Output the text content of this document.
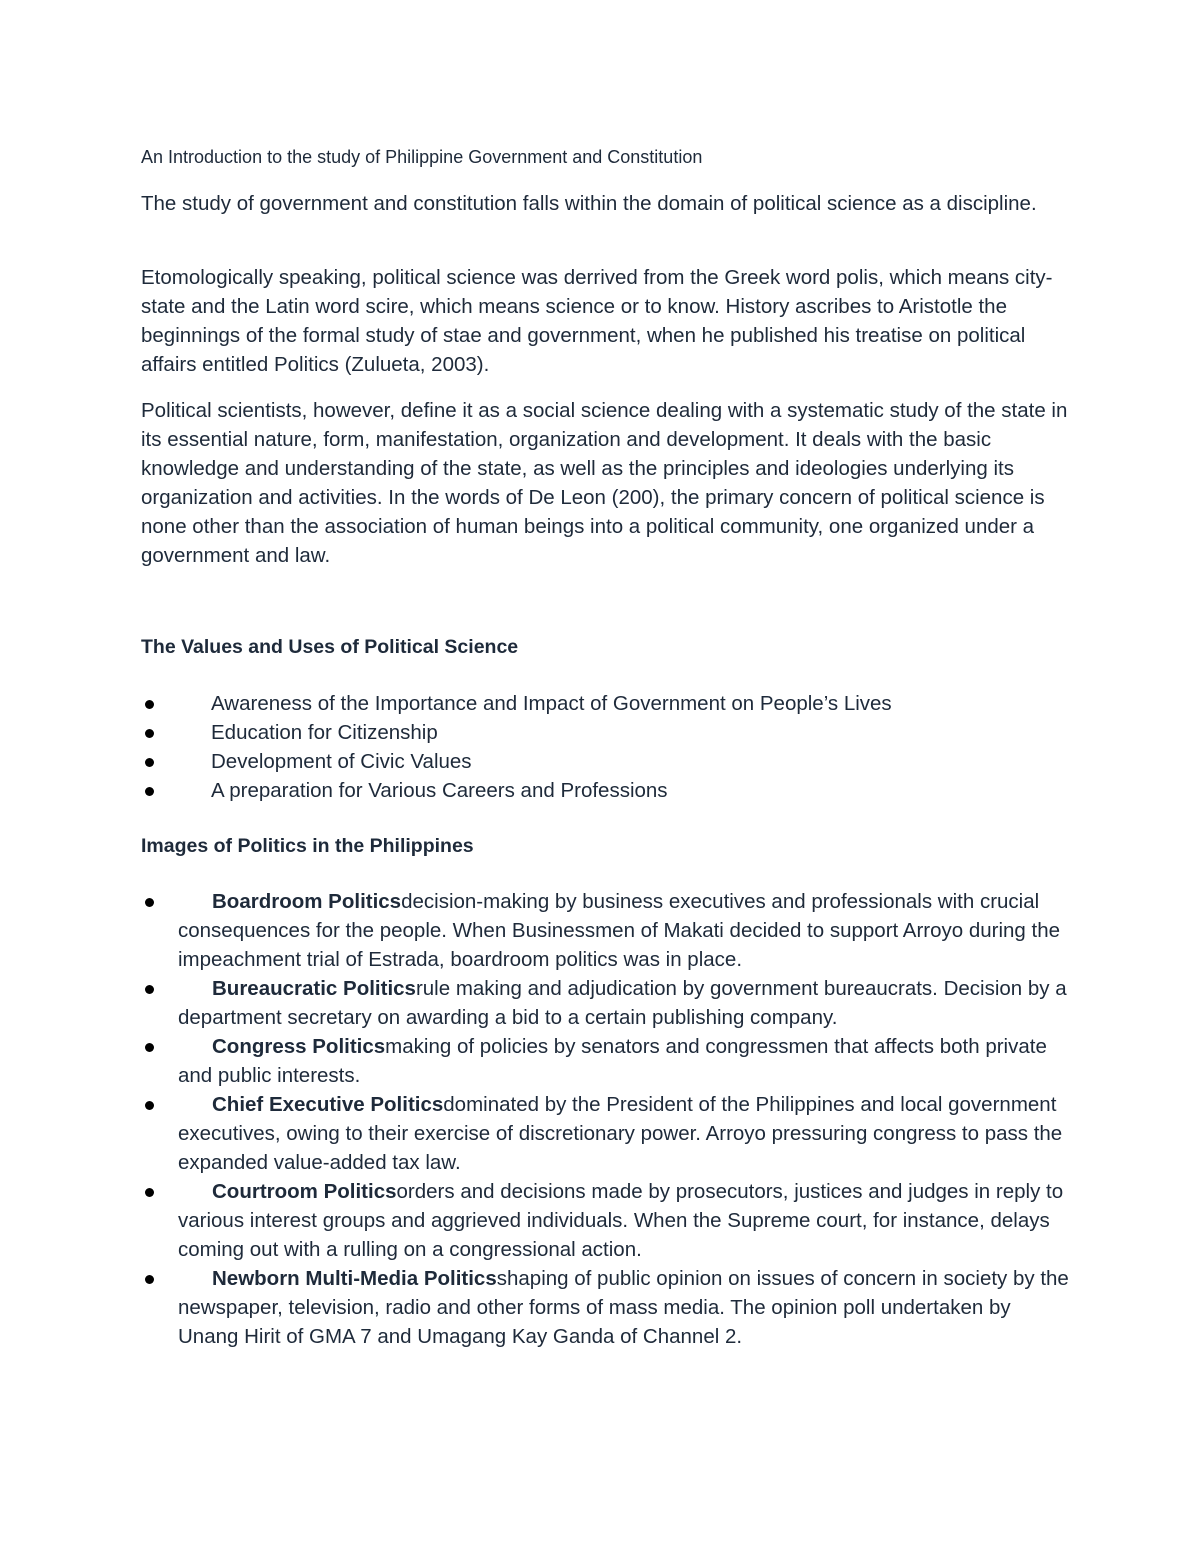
An Introduction to the study of Philippine Government and Constitution

The study of government and constitution falls within the domain of political science as a discipline.

Etomologically speaking, political science was derrived from the Greek word polis, which means city-state and the Latin word scire, which means science or to know. History ascribes to Aristotle the beginnings of the formal study of stae and government, when he published his treatise on political affairs entitled Politics (Zulueta, 2003).

Political scientists, however, define it as a social science dealing with a systematic study of the state in its essential nature, form, manifestation, organization and development. It deals with the basic knowledge and understanding of the state, as well as the principles and ideologies underlying its organization and activities. In the words of De Leon (200), the primary concern of political science is none other than the association of human beings into a political community, one organized under a government and law.

The Values and Uses of Political Science
Awareness of the Importance and Impact of Government on People’s Lives
Education for Citizenship
Development of Civic Values
A preparation for Various Careers and Professions
Images of Politics in the Philippines
Boardroom Politicsdecision-making by business executives and professionals with crucial consequences for the people. When Businessmen of Makati decided to support Arroyo during the impeachment trial of Estrada, boardroom politics was in place.
Bureaucratic Politicsrule making and adjudication by government bureaucrats. Decision by a department secretary on awarding a bid to a certain publishing company.
Congress Politicsmaking of policies by senators and congressmen that affects both private and public interests.
Chief Executive Politicsdominated by the President of the Philippines and local government executives, owing to their exercise of discretionary power. Arroyo pressuring congress to pass the expanded value-added tax law.
Courtroom Politicsorders and decisions made by prosecutors, justices and judges in reply to various interest groups and aggrieved individuals. When the Supreme court, for instance, delays coming out with a rulling on a congressional action.
Newborn Multi-Media Politicsshaping of public opinion on issues of concern in society by the newspaper, television, radio and other forms of mass media. The opinion poll undertaken by Unang Hirit of GMA 7 and Umagang Kay Ganda of Channel 2.
